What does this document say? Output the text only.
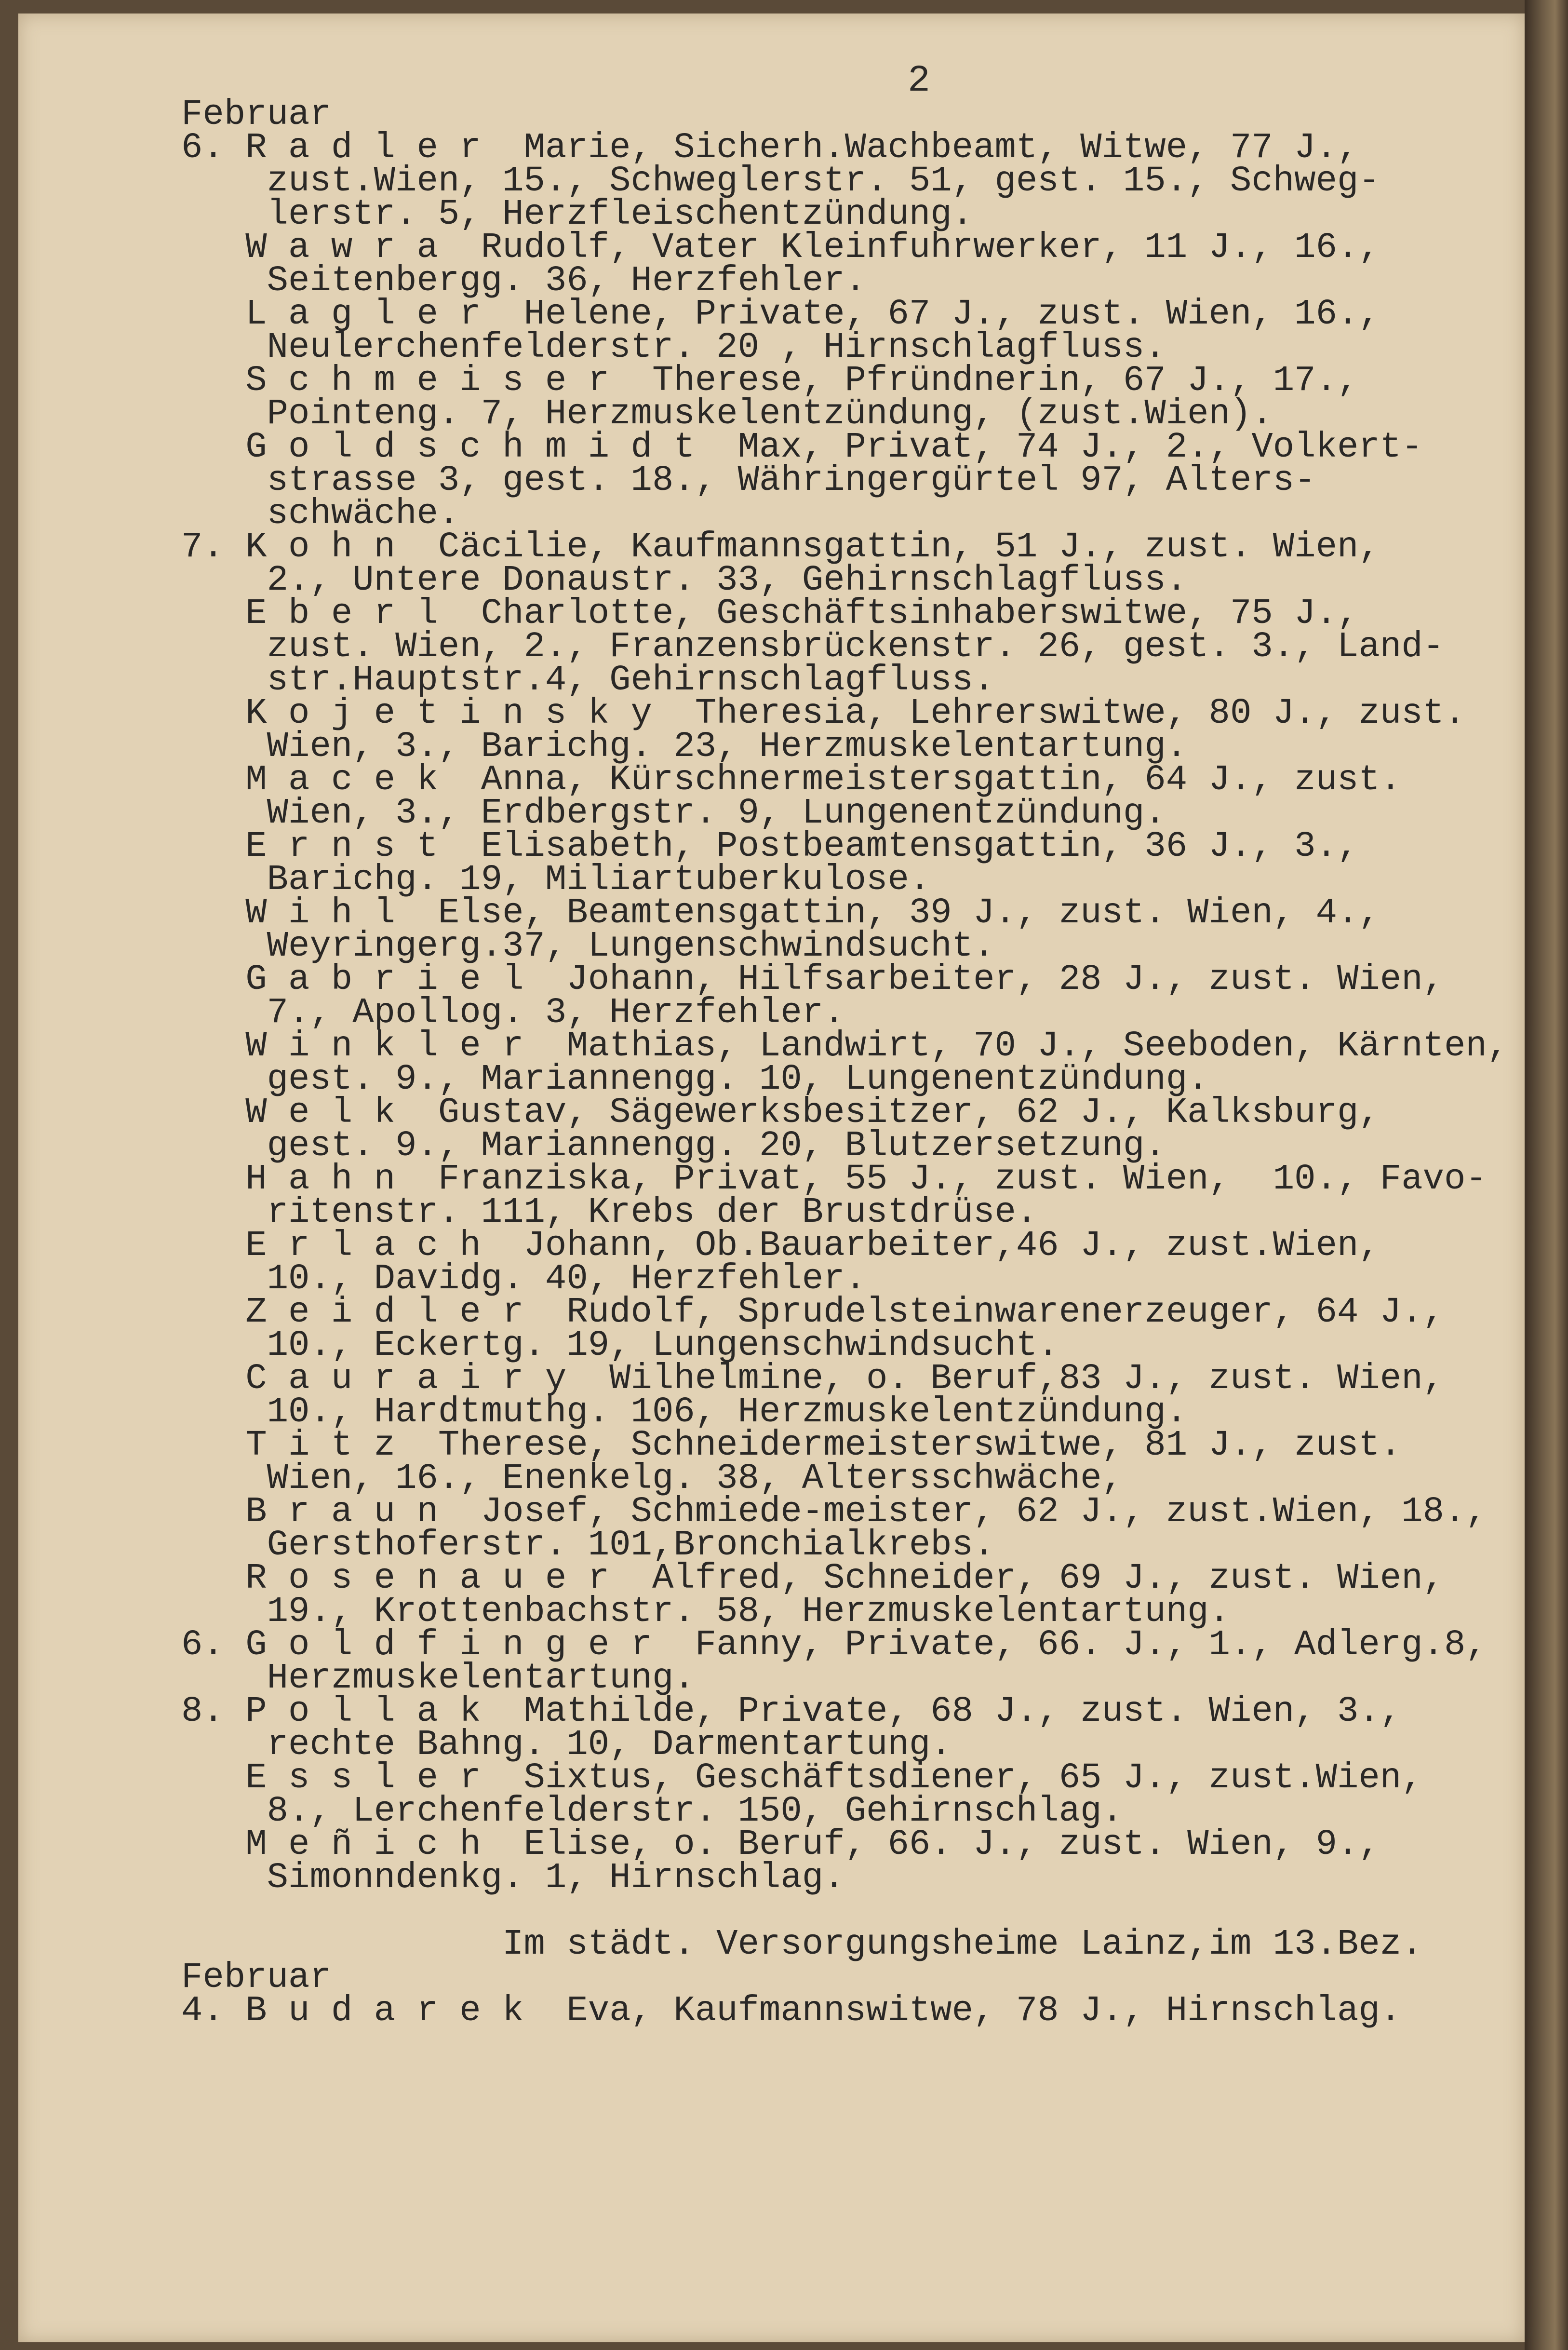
2
Februar
6. R a d l e r  Marie, Sicherh.Wachbeamt, Witwe, 77 J.,
zust.Wien, 15., Schweglerstr. 51, gest. 15., Schweg-
lerstr. 5, Herzfleischentzündung.
W a w r a  Rudolf, Vater Kleinfuhrwerker, 11 J., 16.,
Seitenbergg. 36, Herzfehler.
L a g l e r  Helene, Private, 67 J., zust. Wien, 16.,
Neulerchenfelderstr. 20 , Hirnschlagfluss.
S c h m e i s e r  Therese, Pfründnerin, 67 J., 17.,
Pointeng. 7, Herzmuskelentzündung, (zust.Wien).
G o l d s c h m i d t  Max, Privat, 74 J., 2., Volkert-
strasse 3, gest. 18., Währingergürtel 97, Alters-
schwäche.
7. K o h n  Cäcilie, Kaufmannsgattin, 51 J., zust. Wien,
2., Untere Donaustr. 33, Gehirnschlagfluss.
E b e r l  Charlotte, Geschäftsinhaberswitwe, 75 J.,
zust. Wien, 2., Franzensbrückenstr. 26, gest. 3., Land-
str.Hauptstr.4, Gehirnschlagfluss.
K o j e t i n s k y  Theresia, Lehrerswitwe, 80 J., zust.
Wien, 3., Barichg. 23, Herzmuskelentartung.
M a c e k  Anna, Kürschnermeistersgattin, 64 J., zust.
Wien, 3., Erdbergstr. 9, Lungenentzündung.
E r n s t  Elisabeth, Postbeamtensgattin, 36 J., 3.,
Barichg. 19, Miliartuberkulose.
W i h l  Else, Beamtensgattin, 39 J., zust. Wien, 4.,
Weyringerg.37, Lungenschwindsucht.
G a b r i e l  Johann, Hilfsarbeiter, 28 J., zust. Wien,
7., Apollog. 3, Herzfehler.
W i n k l e r  Mathias, Landwirt, 70 J., Seeboden, Kärnten,
gest. 9., Mariannengg. 10, Lungenentzündung.
W e l k  Gustav, Sägewerksbesitzer, 62 J., Kalksburg,
gest. 9., Mariannengg. 20, Blutzersetzung.
H a h n  Franziska, Privat, 55 J., zust. Wien,  10., Favo-
ritenstr. 111, Krebs der Brustdrüse.
E r l a c h  Johann, Ob.Bauarbeiter,46 J., zust.Wien,
10., Davidg. 40, Herzfehler.
Z e i d l e r  Rudolf, Sprudelsteinwarenerzeuger, 64 J.,
10., Eckertg. 19, Lungenschwindsucht.
C a u r a i r y  Wilhelmine, o. Beruf,83 J., zust. Wien,
10., Hardtmuthg. 106, Herzmuskelentzündung.
T i t z  Therese, Schneidermeisterswitwe, 81 J., zust.
Wien, 16., Enenkelg. 38, Altersschwäche,
B r a u n  Josef, Schmiede-meister, 62 J., zust.Wien, 18.,
Gersthoferstr. 101,Bronchialkrebs.
R o s e n a u e r  Alfred, Schneider, 69 J., zust. Wien,
19., Krottenbachstr. 58, Herzmuskelentartung.
6. G o l d f i n g e r  Fanny, Private, 66. J., 1., Adlerg.8,
Herzmuskelentartung.
8. P o l l a k  Mathilde, Private, 68 J., zust. Wien, 3.,
rechte Bahng. 10, Darmentartung.
E s s l e r  Sixtus, Geschäftsdiener, 65 J., zust.Wien,
8., Lerchenfelderstr. 150, Gehirnschlag.
M e ñ i c h  Elise, o. Beruf, 66. J., zust. Wien, 9.,
Simonndenkg. 1, Hirnschlag.
Im städt. Versorgungsheime Lainz,im 13.Bez.
Februar
4. B u d a r e k  Eva, Kaufmannswitwe, 78 J., Hirnschlag.
